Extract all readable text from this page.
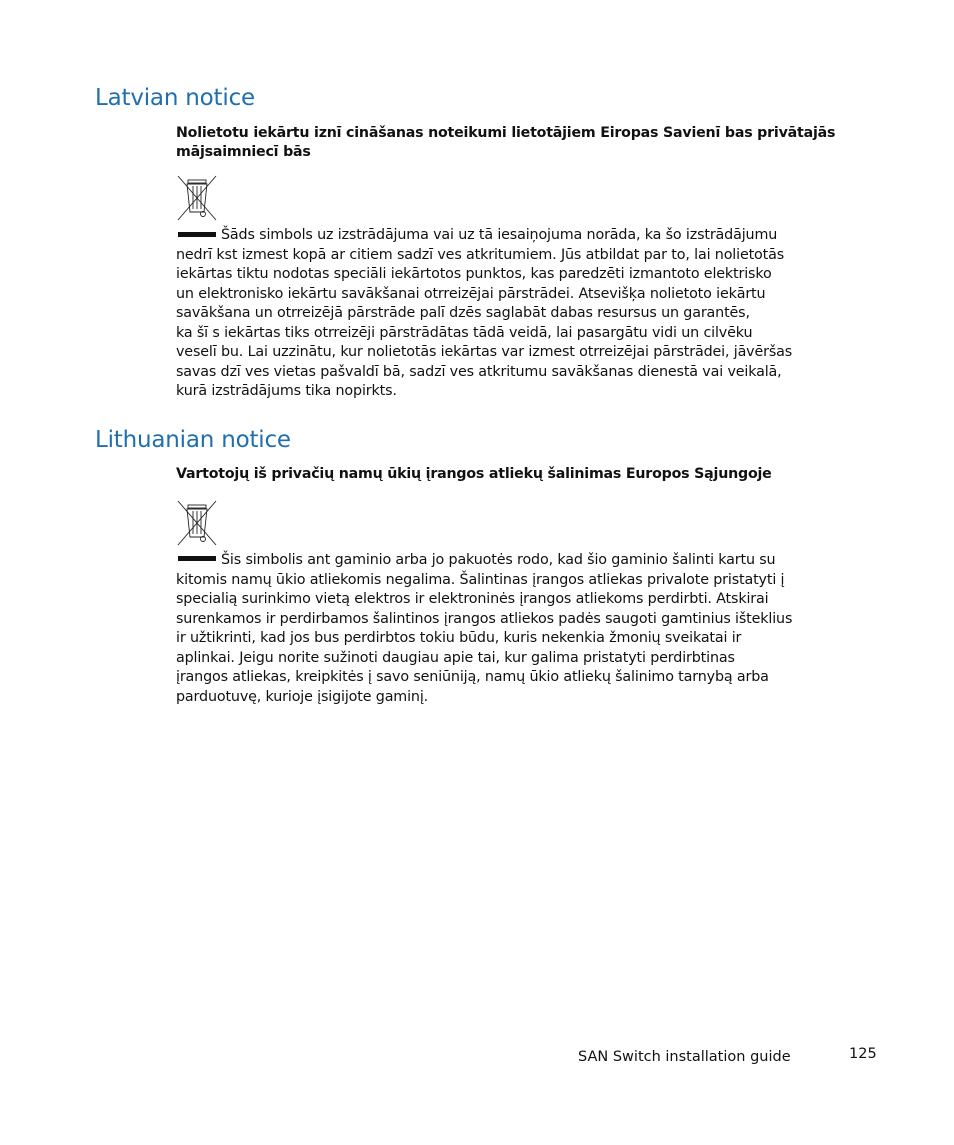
Latvian notice
Nolietotu iekārtu iznī cināšanas noteikumi lietotājiem Eiropas Savienī bas privātajās
mājsaimniecī bās
Šāds simbols uz izstrādājuma vai uz tā iesaiņojuma norāda, ka šo izstrādājumu
nedrī kst izmest kopā ar citiem sadzī ves atkritumiem. Jūs atbildat par to, lai nolietotās
iekārtas tiktu nodotas speciāli iekārtotos punktos, kas paredzēti izmantoto elektrisko
un elektronisko iekārtu savākšanai otrreizējai pārstrādei. Atsevišķa nolietoto iekārtu
savākšana un otrreizējā pārstrāde palī dzēs saglabāt dabas resursus un garantēs,
ka šī s iekārtas tiks otrreizēji pārstrādātas tādā veidā, lai pasargātu vidi un cilvēku
veselī bu. Lai uzzinātu, kur nolietotās iekārtas var izmest otrreizējai pārstrādei, jāvēršas
savas dzī ves vietas pašvaldī bā, sadzī ves atkritumu savākšanas dienestā vai veikalā,
kurā izstrādājums tika nopirkts.
Lithuanian notice
Vartotojų iš privačių namų ūkių įrangos atliekų šalinimas Europos Sąjungoje
Šis simbolis ant gaminio arba jo pakuotės rodo, kad šio gaminio šalinti kartu su
kitomis namų ūkio atliekomis negalima. Šalintinas įrangos atliekas privalote pristatyti į
specialią surinkimo vietą elektros ir elektroninės įrangos atliekoms perdirbti. Atskirai
surenkamos ir perdirbamos šalintinos įrangos atliekos padės saugoti gamtinius išteklius
ir užtikrinti, kad jos bus perdirbtos tokiu būdu, kuris nekenkia žmonių sveikatai ir
aplinkai. Jeigu norite sužinoti daugiau apie tai, kur galima pristatyti perdirbtinas
įrangos atliekas, kreipkitės į savo seniūniją, namų ūkio atliekų šalinimo tarnybą arba
parduotuvę, kurioje įsigijote gaminį.
SAN Switch installation guide	125
